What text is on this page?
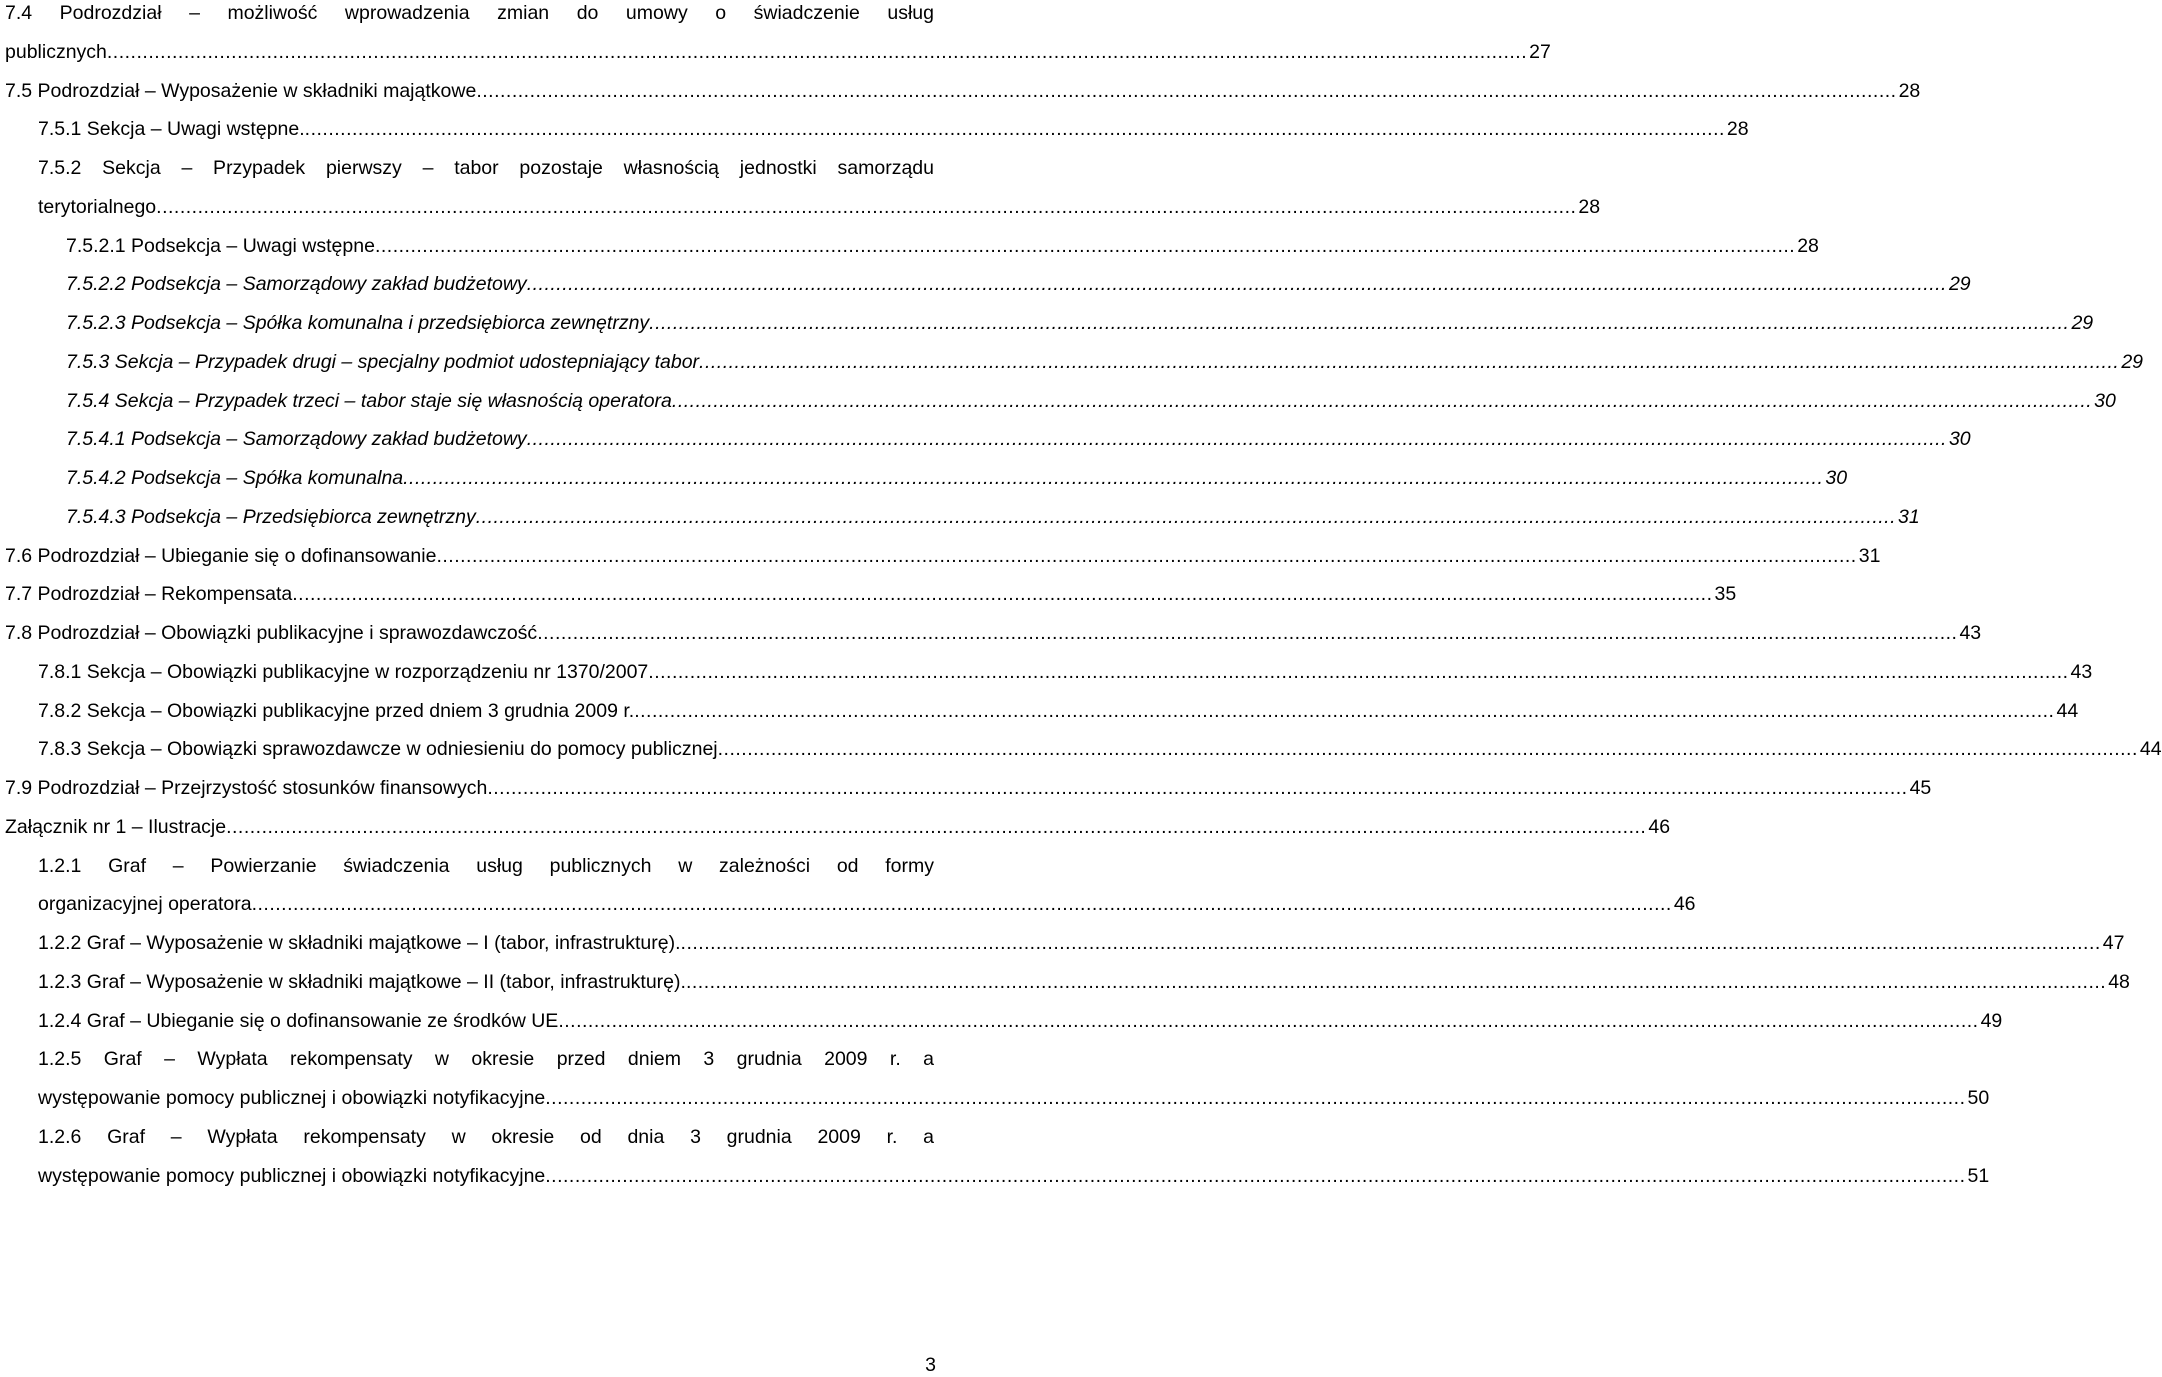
7.4 Podrozdział – możliwość wprowadzenia zmian do umowy o świadczenie usług
publicznych .....	27
7.5 Podrozdział – Wyposażenie w składniki majątkowe .....	28
7.5.1 Sekcja – Uwagi wstępne. .....	28
7.5.2 Sekcja – Przypadek pierwszy – tabor pozostaje własnością jednostki samorządu
terytorialnego .....	28
7.5.2.1 Podsekcja – Uwagi wstępne .....	28
7.5.2.2 Podsekcja – Samorządowy zakład budżetowy .....	29
7.5.2.3 Podsekcja – Spółka komunalna i przedsiębiorca zewnętrzny .....	29
7.5.3 Sekcja – Przypadek drugi – specjalny podmiot udostepniający tabor .....	29
7.5.4 Sekcja – Przypadek trzeci – tabor staje się własnością operatora .....	30
7.5.4.1 Podsekcja – Samorządowy zakład budżetowy .....	30
7.5.4.2 Podsekcja – Spółka komunalna .....	30
7.5.4.3 Podsekcja – Przedsiębiorca zewnętrzny .....	31
7.6 Podrozdział – Ubieganie się o dofinansowanie .....	31
7.7 Podrozdział – Rekompensata .....	35
7.8 Podrozdział – Obowiązki publikacyjne i sprawozdawczość .....	43
7.8.1 Sekcja – Obowiązki publikacyjne w rozporządzeniu nr 1370/2007 .....	43
7.8.2 Sekcja – Obowiązki publikacyjne przed dniem 3 grudnia 2009 r. .....	44
7.8.3 Sekcja – Obowiązki sprawozdawcze w odniesieniu do pomocy publicznej .....	44
7.9 Podrozdział – Przejrzystość stosunków finansowych .....	45
Załącznik nr 1 – Ilustracje .....	46
1.2.1 Graf – Powierzanie świadczenia usług publicznych w zależności od formy
organizacyjnej operatora .....	46
1.2.2 Graf – Wyposażenie w składniki majątkowe – I (tabor, infrastrukturę). .....	47
1.2.3 Graf – Wyposażenie w składniki majątkowe – II (tabor, infrastrukturę). .....	48
1.2.4 Graf – Ubieganie się o dofinansowanie ze środków UE .....	49
1.2.5 Graf – Wypłata rekompensaty w okresie przed dniem 3 grudnia 2009 r. a
występowanie pomocy publicznej i obowiązki notyfikacyjne .....	50
1.2.6 Graf – Wypłata rekompensaty w okresie od dnia 3 grudnia 2009 r. a
występowanie pomocy publicznej i obowiązki notyfikacyjne .....	51
3
